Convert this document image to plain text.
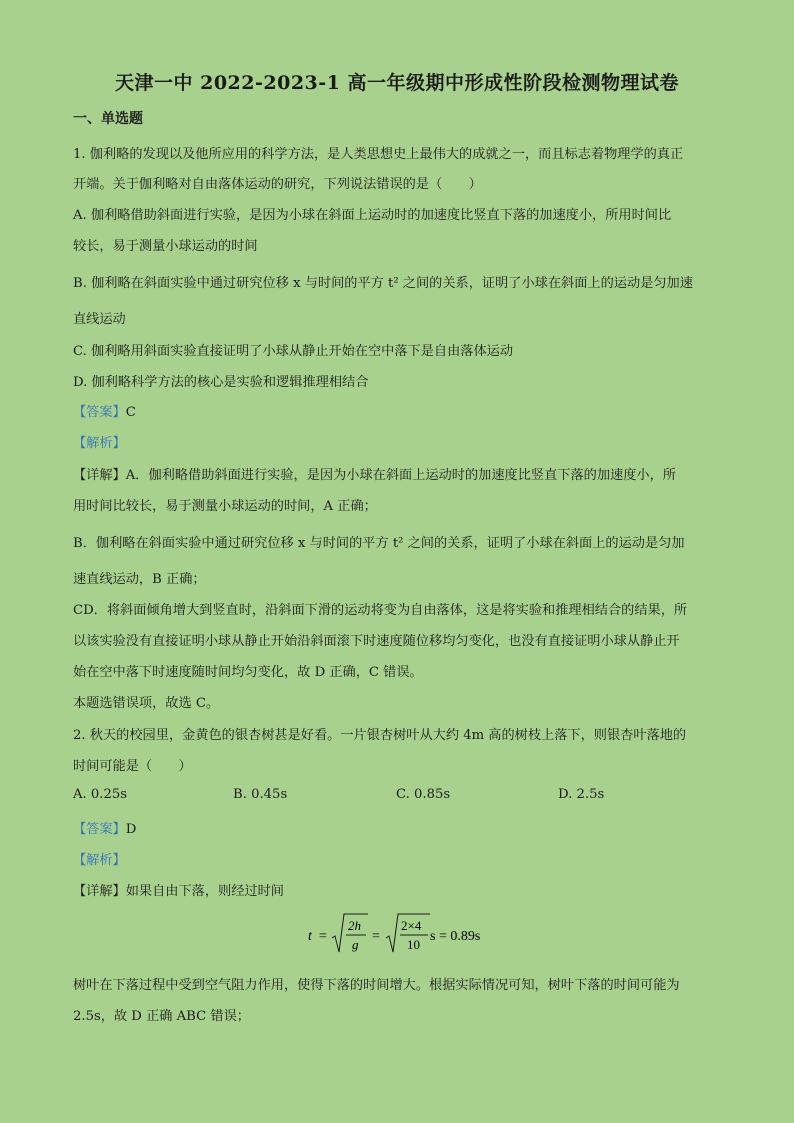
天津一中 2022-2023-1 高一年级期中形成性阶段检测物理试卷
一、单选题
1. 伽利略的发现以及他所应用的科学方法，是人类思想史上最伟大的成就之一，而且标志着物理学的真正
开端。关于伽利略对自由落体运动的研究，下列说法错误的是（　　）
A. 伽利略借助斜面进行实验，是因为小球在斜面上运动时的加速度比竖直下落的加速度小，所用时间比
较长，易于测量小球运动的时间
B. 伽利略在斜面实验中通过研究位移 x 与时间的平方 t² 之间的关系，证明了小球在斜面上的运动是匀加速
直线运动
C. 伽利略用斜面实验直接证明了小球从静止开始在空中落下是自由落体运动
D. 伽利略科学方法的核心是实验和逻辑推理相结合
【答案】C
【解析】
【详解】A．伽利略借助斜面进行实验，是因为小球在斜面上运动时的加速度比竖直下落的加速度小，所
用时间比较长，易于测量小球运动的时间，A 正确；
B．伽利略在斜面实验中通过研究位移 x 与时间的平方 t² 之间的关系，证明了小球在斜面上的运动是匀加
速直线运动，B 正确；
CD．将斜面倾角增大到竖直时，沿斜面下滑的运动将变为自由落体，这是将实验和推理相结合的结果，所
以该实验没有直接证明小球从静止开始沿斜面滚下时速度随位移均匀变化，也没有直接证明小球从静止开
始在空中落下时速度随时间均匀变化，故 D 正确，C 错误。
本题选错误项，故选 C。
2. 秋天的校园里，金黄色的银杏树甚是好看。一片银杏树叶从大约 4m 高的树枝上落下，则银杏叶落地的
时间可能是（　　）
A. 0.25s	B. 0.45s	C. 0.85s	D. 2.5s
【答案】D
【解析】
【详解】如果自由下落，则经过时间
t =
2h
g
=
2×4
10
s = 0.89s
树叶在下落过程中受到空气阻力作用，使得下落的时间增大。根据实际情况可知，树叶下落的时间可能为
2.5s，故 D 正确 ABC 错误；
